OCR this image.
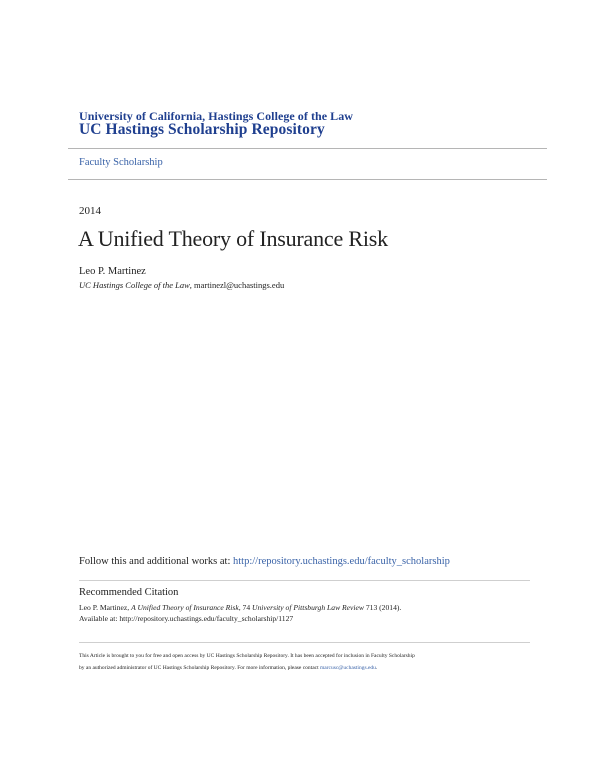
University of California, Hastings College of the Law
UC Hastings Scholarship Repository
Faculty Scholarship
2014
A Unified Theory of Insurance Risk
Leo P. Martinez
UC Hastings College of the Law, martinezl@uchastings.edu
Follow this and additional works at: http://repository.uchastings.edu/faculty_scholarship
Recommended Citation
Leo P. Martinez, A Unified Theory of Insurance Risk, 74 University of Pittsburgh Law Review 713 (2014).
Available at: http://repository.uchastings.edu/faculty_scholarship/1127
This Article is brought to you for free and open access by UC Hastings Scholarship Repository. It has been accepted for inclusion in Faculty Scholarship
by an authorized administrator of UC Hastings Scholarship Repository. For more information, please contact marcusc@uchastings.edu.
